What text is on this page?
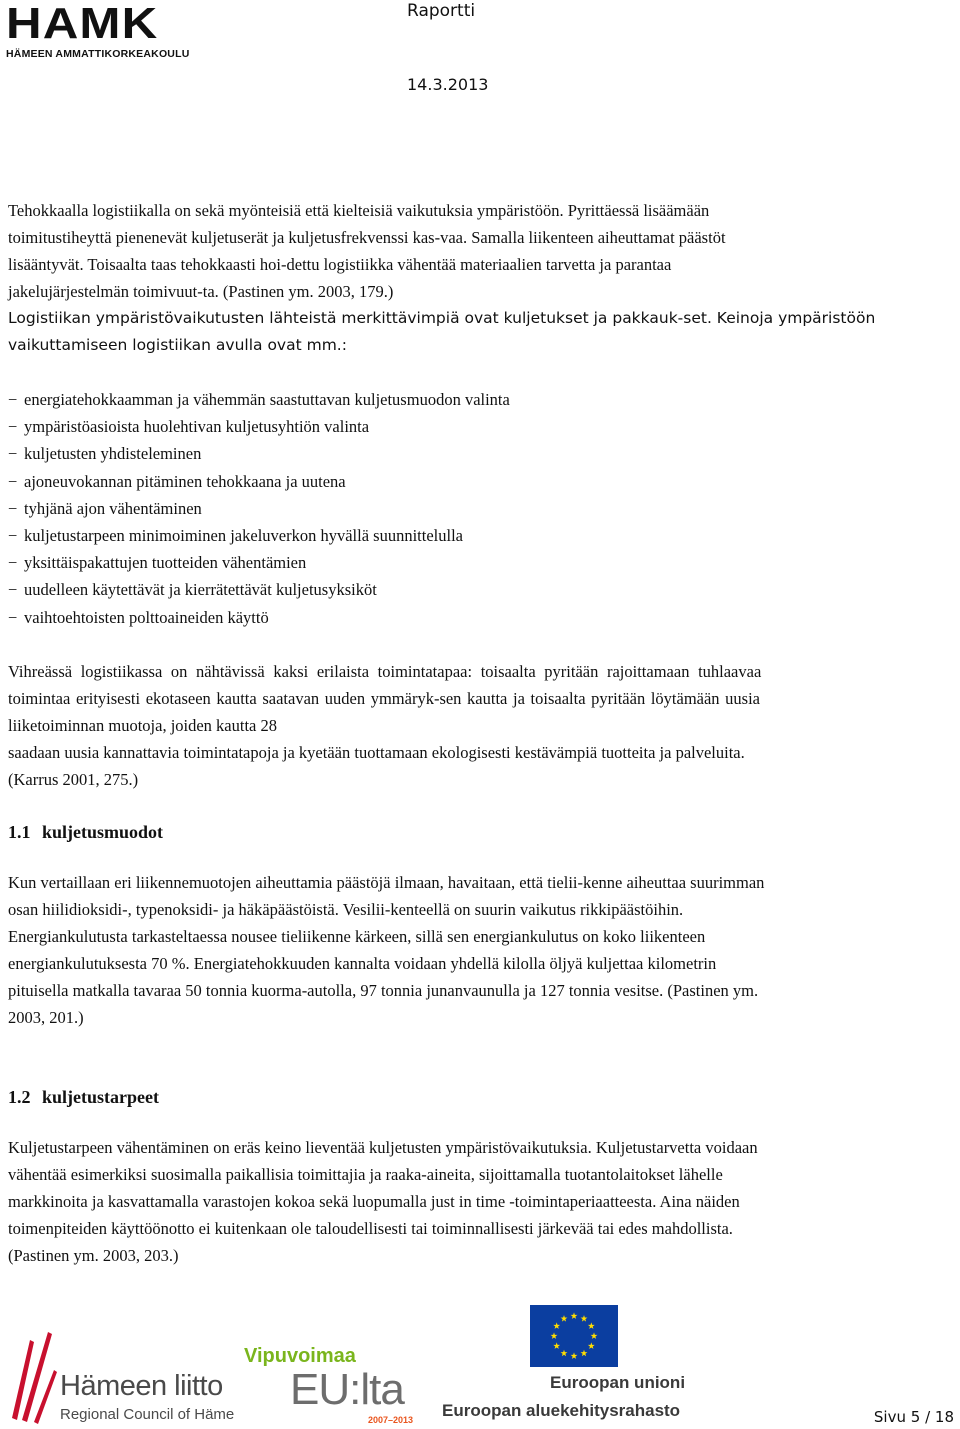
HAMK
HÄMEEN AMMATTIKORKEAKOULU
Raportti
14.3.2013
Tehokkaalla logistiikalla on sekä myönteisiä että kielteisiä vaikutuksia ympäristöön. Pyrittäessä lisäämään
toimitustiheyttä pienenevät kuljetuserät ja kuljetusfrekvenssi kas-vaa. Samalla liikenteen aiheuttamat päästöt
lisääntyvät. Toisaalta taas tehokkaasti hoi-dettu logistiikka vähentää materiaalien tarvetta ja parantaa
jakelujärjestelmän toimivuut-ta. (Pastinen ym. 2003, 179.)
Logistiikan ympäristövaikutusten lähteistä merkittävimpiä ovat kuljetukset ja pakkauk-set. Keinoja ympäristöön
vaikuttamiseen logistiikan avulla ovat mm.:
− energiatehokkaamman ja vähemmän saastuttavan kuljetusmuodon valinta
− ympäristöasioista huolehtivan kuljetusyhtiön valinta
− kuljetusten yhdisteleminen
− ajoneuvokannan pitäminen tehokkaana ja uutena
− tyhjänä ajon vähentäminen
− kuljetustarpeen minimoiminen jakeluverkon hyvällä suunnittelulla
− yksittäispakattujen tuotteiden vähentämien
− uudelleen käytettävät ja kierrätettävät kuljetusyksiköt
− vaihtoehtoisten polttoaineiden käyttö
Vihreässä logistiikassa on nähtävissä kaksi erilaista toimintatapaa: toisaalta pyritään rajoittamaan tuhlaavaa
toimintaa erityisesti ekotaseen kautta saatavan uuden ymmäryk-sen kautta ja toisaalta pyritään löytämään uusia
liiketoiminnan muotoja, joiden kautta 28
saadaan uusia kannattavia toimintatapoja ja kyetään tuottamaan ekologisesti kestävämpiä tuotteita ja palveluita.
(Karrus 2001, 275.)
1.1 kuljetusmuodot
Kun vertaillaan eri liikennemuotojen aiheuttamia päästöjä ilmaan, havaitaan, että tielii-kenne aiheuttaa suurimman
osan hiilidioksidi-, typenoksidi- ja häkäpäästöistä. Vesilii-kenteellä on suurin vaikutus rikkipäästöihin.
Energiankulutusta tarkasteltaessa nousee tieliikenne kärkeen, sillä sen energiankulutus on koko liikenteen
energiankulutuksesta 70 %. Energiatehokkuuden kannalta voidaan yhdellä kilolla öljyä kuljettaa kilometrin
pituisella matkalla tavaraa 50 tonnia kuorma-autolla, 97 tonnia junanvaunulla ja 127 tonnia vesitse. (Pastinen ym.
2003, 201.)
1.2 kuljetustarpeet
Kuljetustarpeen vähentäminen on eräs keino lieventää kuljetusten ympäristövaikutuksia. Kuljetustarvetta voidaan
vähentää esimerkiksi suosimalla paikallisia toimittajia ja raaka-aineita, sijoittamalla tuotantolaitokset lähelle
markkinoita ja kasvattamalla varastojen kokoa sekä luopumalla just in time -toimintaperiaatteesta. Aina näiden
toimenpiteiden käyttöönotto ei kuitenkaan ole taloudellisesti tai toiminnallisesti järkevää tai edes mahdollista.
(Pastinen ym. 2003, 203.)
Hämeen liitto
Regional Council of Häme
Vipuvoimaa
EU:lta
2007–2013
Euroopan unioni
Euroopan aluekehitysrahasto	Sivu 5 / 18
